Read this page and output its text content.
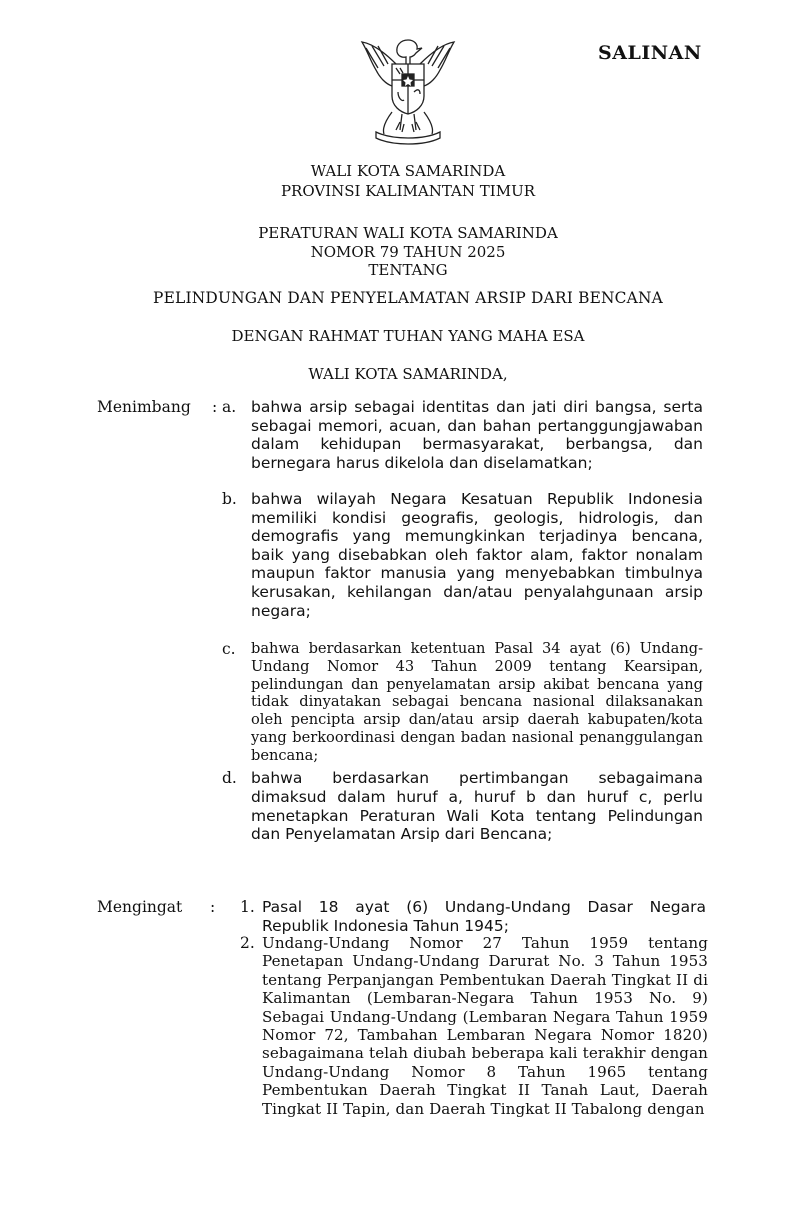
SALINAN
WALI KOTA SAMARINDA
PROVINSI KALIMANTAN TIMUR
PERATURAN WALI KOTA SAMARINDA
NOMOR 79 TAHUN 2025
TENTANG
PELINDUNGAN DAN PENYELAMATAN ARSIP DARI BENCANA
DENGAN RAHMAT TUHAN YANG MAHA ESA
WALI KOTA SAMARINDA,
Menimbang : a. bahwa arsip sebagai identitas dan jati diri bangsa, serta sebagai memori, acuan, dan bahan pertanggungjawaban dalam kehidupan bermasyarakat, berbangsa, dan bernegara harus dikelola dan diselamatkan;
b. bahwa wilayah Negara Kesatuan Republik Indonesia memiliki kondisi geografis, geologis, hidrologis, dan demografis yang memungkinkan terjadinya bencana, baik yang disebabkan oleh faktor alam, faktor nonalam maupun faktor manusia yang menyebabkan timbulnya kerusakan, kehilangan dan/atau penyalahgunaan arsip negara;
c. bahwa berdasarkan ketentuan Pasal 34 ayat (6) Undang-Undang Nomor 43 Tahun 2009 tentang Kearsipan, pelindungan dan penyelamatan arsip akibat bencana yang tidak dinyatakan sebagai bencana nasional dilaksanakan oleh pencipta arsip dan/atau arsip daerah kabupaten/kota yang berkoordinasi dengan badan nasional penanggulangan bencana;
d. bahwa berdasarkan pertimbangan sebagaimana dimaksud dalam huruf a, huruf b dan huruf c, perlu menetapkan Peraturan Wali Kota tentang Pelindungan dan Penyelamatan Arsip dari Bencana;
Mengingat : 1. Pasal 18 ayat (6) Undang-Undang Dasar Negara Republik Indonesia Tahun 1945;
2. Undang-Undang Nomor 27 Tahun 1959 tentang Penetapan Undang-Undang Darurat No. 3 Tahun 1953 tentang Perpanjangan Pembentukan Daerah Tingkat II di Kalimantan (Lembaran-Negara Tahun 1953 No. 9) Sebagai Undang-Undang (Lembaran Negara Tahun 1959 Nomor 72, Tambahan Lembaran Negara Nomor 1820) sebagaimana telah diubah beberapa kali terakhir dengan Undang-Undang Nomor 8 Tahun 1965 tentang Pembentukan Daerah Tingkat II Tanah Laut, Daerah Tingkat II Tapin, dan Daerah Tingkat II Tabalong dengan
